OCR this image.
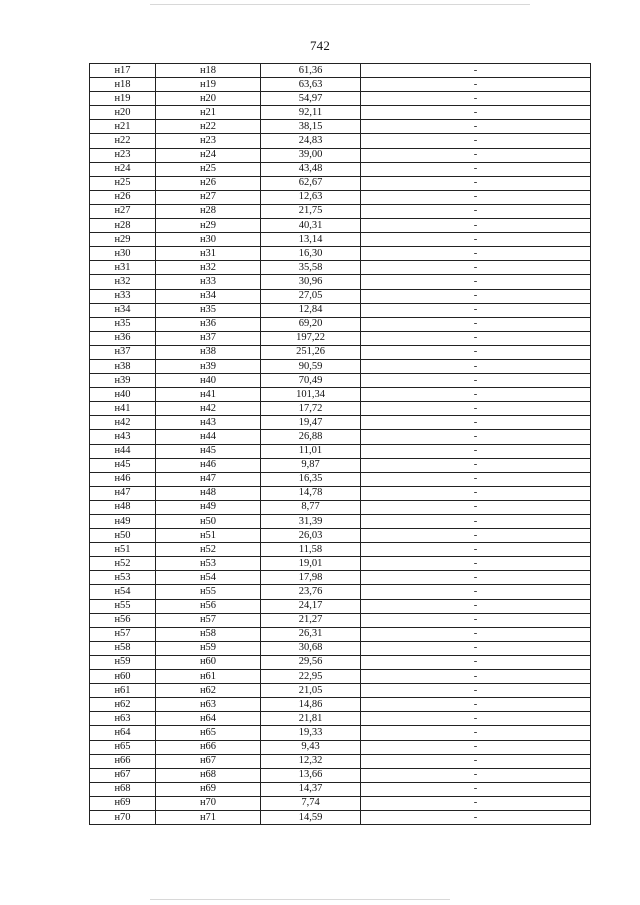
742
н17	н18	61,36	-
н18	н19	63,63	-
н19	н20	54,97	-
н20	н21	92,11	-
н21	н22	38,15	-
н22	н23	24,83	-
н23	н24	39,00	-
н24	н25	43,48	-
н25	н26	62,67	-
н26	н27	12,63	-
н27	н28	21,75	-
н28	н29	40,31	-
н29	н30	13,14	-
н30	н31	16,30	-
н31	н32	35,58	-
н32	н33	30,96	-
н33	н34	27,05	-
н34	н35	12,84	-
н35	н36	69,20	-
н36	н37	197,22	-
н37	н38	251,26	-
н38	н39	90,59	-
н39	н40	70,49	-
н40	н41	101,34	-
н41	н42	17,72	-
н42	н43	19,47	-
н43	н44	26,88	-
н44	н45	11,01	-
н45	н46	9,87	-
н46	н47	16,35	-
н47	н48	14,78	-
н48	н49	8,77	-
н49	н50	31,39	-
н50	н51	26,03	-
н51	н52	11,58	-
н52	н53	19,01	-
н53	н54	17,98	-
н54	н55	23,76	-
н55	н56	24,17	-
н56	н57	21,27	-
н57	н58	26,31	-
н58	н59	30,68	-
н59	н60	29,56	-
н60	н61	22,95	-
н61	н62	21,05	-
н62	н63	14,86	-
н63	н64	21,81	-
н64	н65	19,33	-
н65	н66	9,43	-
н66	н67	12,32	-
н67	н68	13,66	-
н68	н69	14,37	-
н69	н70	7,74	-
н70	н71	14,59	-
